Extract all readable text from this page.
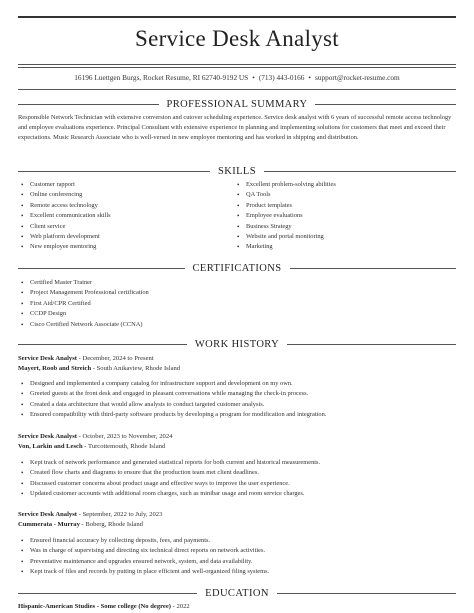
Service Desk Analyst
16196 Luettgen Burgs, Rocket Resume, RI 62740-9192 US • (713) 443-0166 • support@rocket-resume.com
PROFESSIONAL SUMMARY
Responsible Network Technician with extensive conversion and cutover scheduling experience. Service desk analyst with 6 years of successful remote access technology and employee evaluations experience. Principal Consultant with extensive experience in planning and implementing solutions for customers that meet and exceed their expectations. Music Research Associate who is well-versed in new employee mentoring and has worked in shipping and distribution.
SKILLS
• Customer rapport
• Online conferencing
• Remote access technology
• Excellent communication skills
• Client service
• Web platform development
• New employee mentoring
• Excellent problem-solving abilities
• QA Tools
• Product templates
• Employee evaluations
• Business Strategy
• Website and portal monitoring
• Marketing
CERTIFICATIONS
• Certified Master Trainer
• Project Management Professional certification
• First Aid/CPR Certified
• CCDP Design
• Cisco Certified Network Associate (CCNA)
WORK HISTORY
Service Desk Analyst - December, 2024 to Present
Mayert, Roob and Streich - South Anikaview, Rhode Island
• Designed and implemented a company catalog for infrastructure support and development on my own.
• Greeted guests at the front desk and engaged in pleasant conversations while managing the check-in process.
• Created a data architecture that would allow analysts to conduct targeted customer analysis.
• Ensured compatibility with third-party software products by developing a program for modification and integration.
Service Desk Analyst - October, 2023 to November, 2024
Von, Larkin and Lesch - Turcottemouth, Rhode Island
• Kept track of network performance and generated statistical reports for both current and historical measurements.
• Created flow charts and diagrams to ensure that the production team met client deadlines.
• Discussed customer concerns about product usage and effective ways to improve the user experience.
• Updated customer accounts with additional room charges, such as minibar usage and room service charges.
Service Desk Analyst - September, 2022 to July, 2023
Cummerata - Murray - Boberg, Rhode Island
• Ensured financial accuracy by collecting deposits, fees, and payments.
• Was in charge of supervising and directing six technical direct reports on network activities.
• Preventative maintenance and upgrades ensured network, system, and data availability.
• Kept track of files and records by putting in place efficient and well-organized filing systems.
EDUCATION
Hispanic-American Studies - Some college (No degree) - 2022
